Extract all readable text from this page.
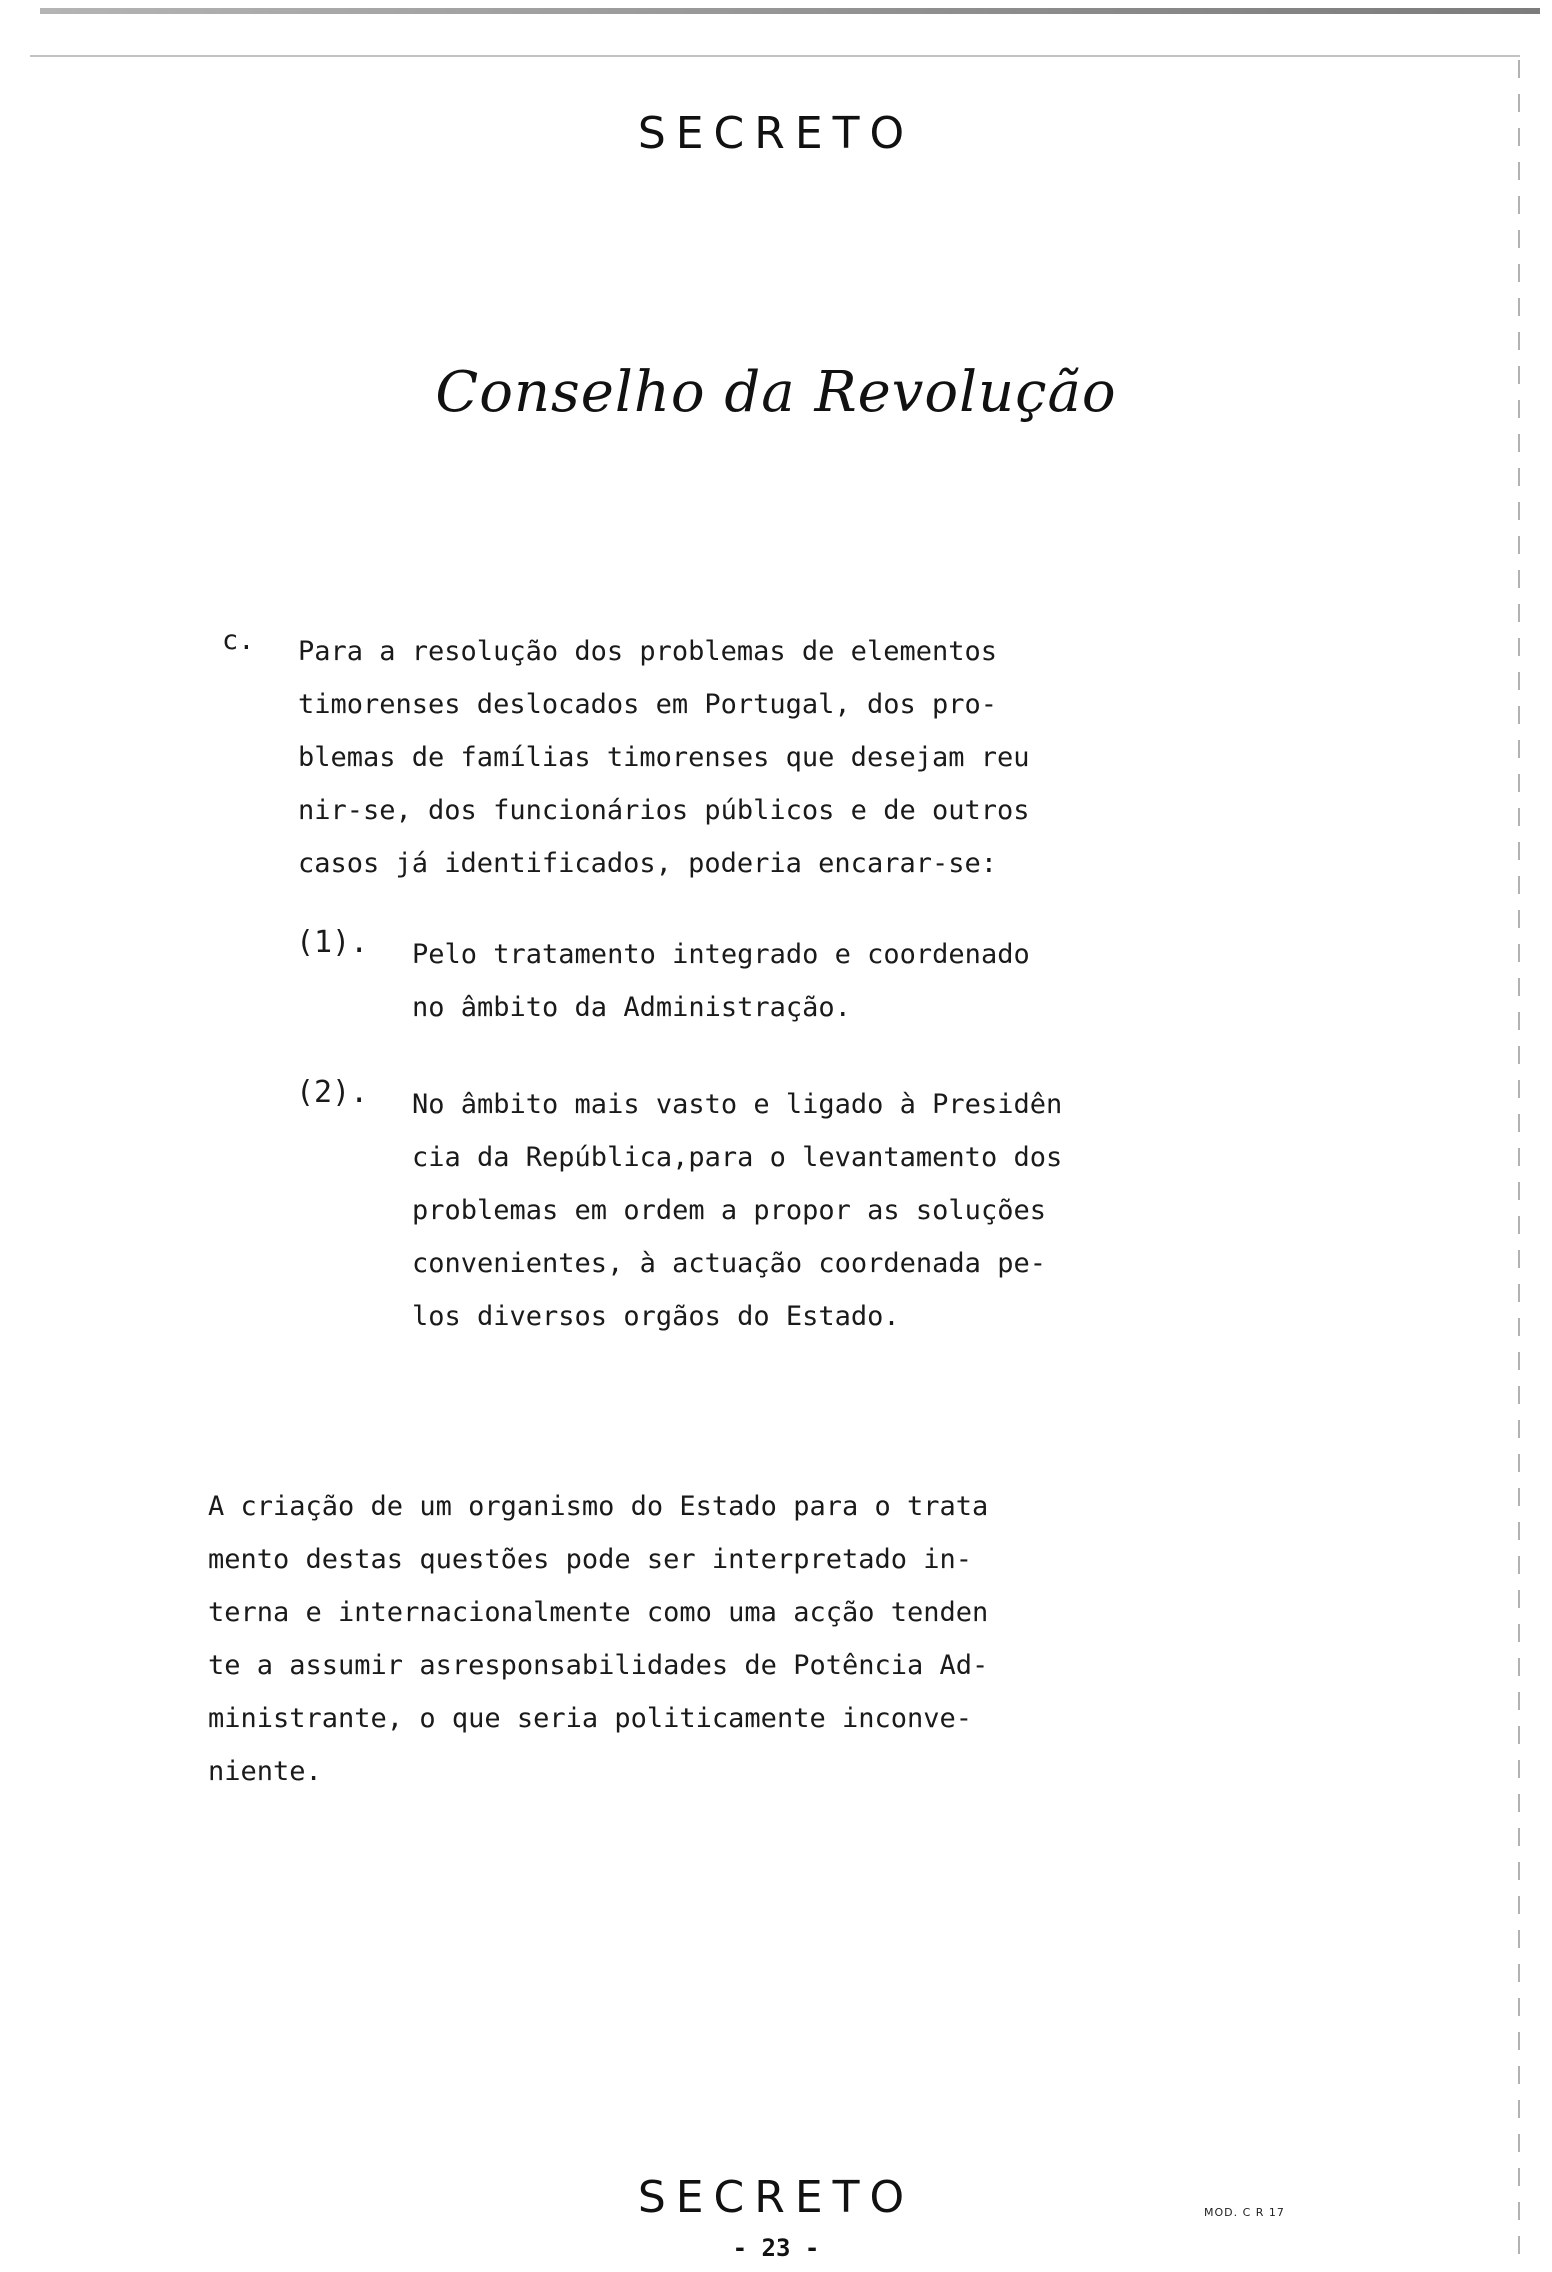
SECRETO
Conselho da Revolução
c. Para a resolução dos problemas de elementos
timorenses deslocados em Portugal, dos pro-
blemas de famílias timorenses que desejam reu
nir-se, dos funcionários públicos e de outros
casos já identificados, poderia encarar-se:
(1). Pelo tratamento integrado e coordenado
no âmbito da Administração.
(2). No âmbito mais vasto e ligado à Presidên
cia da República,para o levantamento dos
problemas em ordem a propor as soluções
convenientes, à actuação coordenada pe-
los diversos orgãos do Estado.
A criação de um organismo do Estado para o trata
mento destas questões pode ser interpretado in-
terna e internacionalmente como uma acção tenden
te a assumir asresponsabilidades de Potência Ad-
ministrante, o que seria politicamente inconve-
niente.
SECRETO	MOD. C R 17
- 23 -
